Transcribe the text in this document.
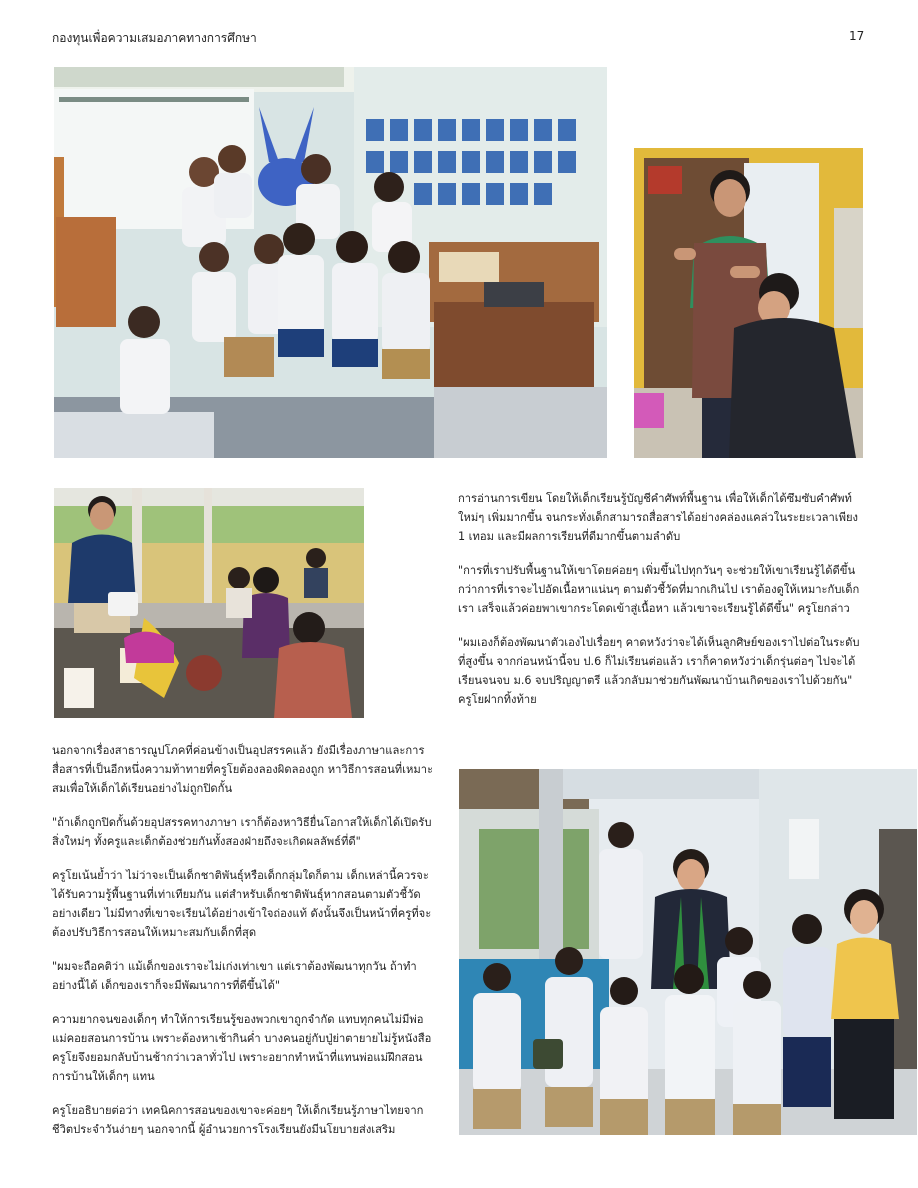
กองทุนเพื่อความเสมอภาคทางการศึกษา	17

การอ่านการเขียน โดยให้เด็กเรียนรู้บัญชีคำศัพท์พื้นฐาน เพื่อให้เด็กได้ซึมซับคำศัพท์ใหม่ๆ เพิ่มมากขึ้น จนกระทั่งเด็กสามารถสื่อสารได้อย่างคล่องแคล่วในระยะเวลาเพียง 1 เทอม และมีผลการเรียนที่ดีมากขึ้นตามลำดับ

"การที่เราปรับพื้นฐานให้เขาโดยค่อยๆ เพิ่มขึ้นไปทุกวันๆ จะช่วยให้เขาเรียนรู้ได้ดีขึ้นกว่าการที่เราจะไปอัดเนื้อหาแน่นๆ ตามตัวชี้วัดที่มากเกินไป เราต้องดูให้เหมาะกับเด็กเรา เสร็จแล้วค่อยพาเขากระโดดเข้าสู่เนื้อหา แล้วเขาจะเรียนรู้ได้ดีขึ้น" ครูโยกล่าว

"ผมเองก็ต้องพัฒนาตัวเองไปเรื่อยๆ คาดหวังว่าจะได้เห็นลูกศิษย์ของเราไปต่อในระดับที่สูงขึ้น จากก่อนหน้านี้จบ ป.6 ก็ไม่เรียนต่อแล้ว เราก็คาดหวังว่าเด็กรุ่นต่อๆ ไปจะได้เรียนจนจบ ม.6 จบปริญญาตรี แล้วกลับมาช่วยกันพัฒนาบ้านเกิดของเราไปด้วยกัน" ครูโยฝากทิ้งท้าย

นอกจากเรื่องสาธารณูปโภคที่ค่อนข้างเป็นอุปสรรคแล้ว ยังมีเรื่องภาษาและการสื่อสารที่เป็นอีกหนึ่งความท้าทายที่ครูโยต้องลองผิดลองถูก หาวิธีการสอนที่เหมาะสมเพื่อให้เด็กได้เรียนอย่างไม่ถูกปิดกั้น

"ถ้าเด็กถูกปิดกั้นด้วยอุปสรรคทางภาษา เราก็ต้องหาวิธียื่นโอกาสให้เด็กได้เปิดรับสิ่งใหม่ๆ ทั้งครูและเด็กต้องช่วยกันทั้งสองฝ่ายถึงจะเกิดผลลัพธ์ที่ดี"

ครูโยเน้นย้ำว่า ไม่ว่าจะเป็นเด็กชาติพันธุ์หรือเด็กกลุ่มใดก็ตาม เด็กเหล่านี้ควรจะได้รับความรู้พื้นฐานที่เท่าเทียมกัน แต่สำหรับเด็กชาติพันธุ์หากสอนตามตัวชี้วัดอย่างเดียว ไม่มีทางที่เขาจะเรียนได้อย่างเข้าใจถ่องแท้ ดังนั้นจึงเป็นหน้าที่ครูที่จะต้องปรับวิธีการสอนให้เหมาะสมกับเด็กที่สุด

"ผมจะถือคติว่า แม้เด็กของเราจะไม่เก่งเท่าเขา แต่เราต้องพัฒนาทุกวัน ถ้าทำอย่างนี้ได้ เด็กของเราก็จะมีพัฒนาการที่ดีขึ้นได้"

ความยากจนของเด็กๆ ทำให้การเรียนรู้ของพวกเขาถูกจำกัด แทบทุกคนไม่มีพ่อแม่คอยสอนการบ้าน เพราะต้องหาเช้ากินค่ำ บางคนอยู่กับปู่ย่าตายายไม่รู้หนังสือ ครูโยจึงยอมกลับบ้านช้ากว่าเวลาทั่วไป เพราะอยากทำหน้าที่แทนพ่อแม่ฝึกสอนการบ้านให้เด็กๆ แทน

ครูโยอธิบายต่อว่า เทคนิคการสอนของเขาจะค่อยๆ ให้เด็กเรียนรู้ภาษาไทยจากชีวิตประจำวันง่ายๆ นอกจากนี้ ผู้อำนวยการโรงเรียนยังมีนโยบายส่งเสริม
